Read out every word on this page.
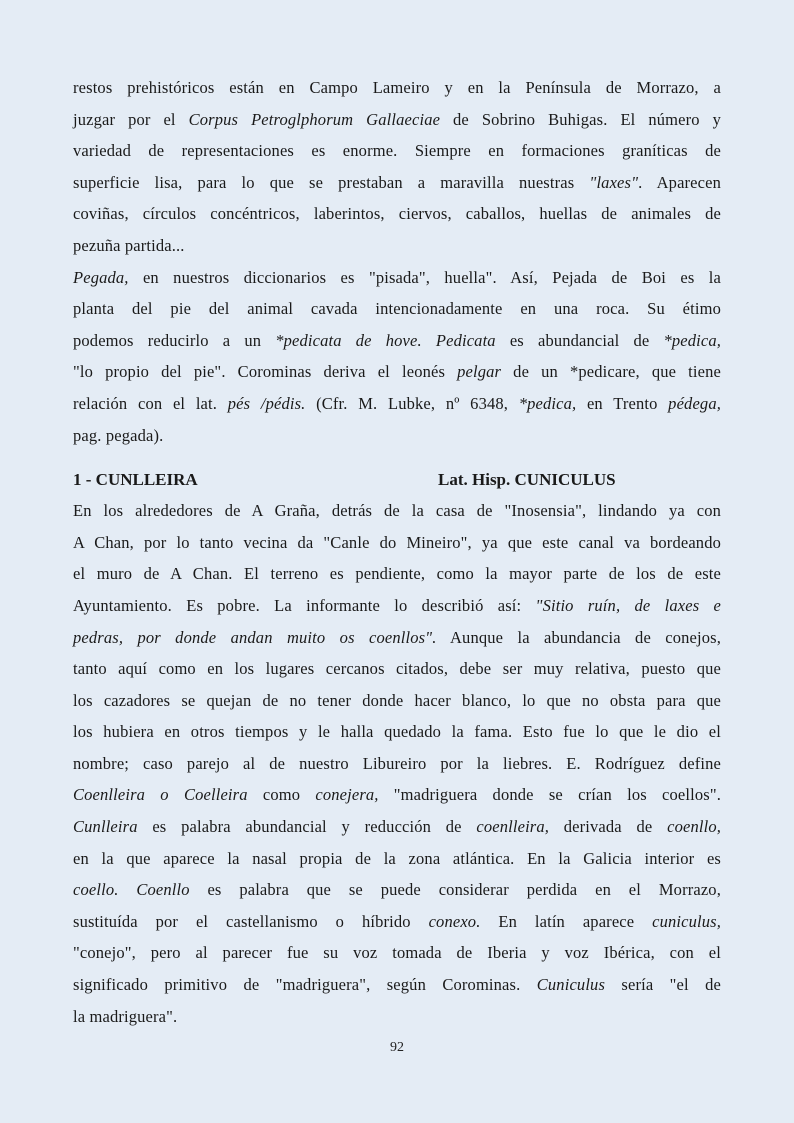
restos prehistóricos están en Campo Lameiro y en la Península de Morrazo, a
juzgar por el Corpus Petroglphorum Gallaeciae de Sobrino Buhigas. El número y
variedad de representaciones es enorme. Siempre en formaciones graníticas de
superficie lisa, para lo que se prestaban a maravilla nuestras "laxes". Aparecen
coviñas, círculos concéntricos, laberintos, ciervos, caballos, huellas de animales de
pezuña partida...
Pegada, en nuestros diccionarios es "pisada", huella". Así, Pejada de Boi es la
planta del pie del animal cavada intencionadamente en una roca. Su étimo
podemos reducirlo a un *pedicata de hove. Pedicata es abundancial de *pedica,
"lo propio del pie". Corominas deriva el leonés pelgar de un *pedicare, que tiene
relación con el lat. pés /pédis. (Cfr. M. Lubke, nº 6348, *pedica, en Trento pédega,
pag. pegada).
1 - CUNLLEIRA	Lat. Hisp. CUNICULUS
En los alrededores de A Graña, detrás de la casa de "Inosensia", lindando ya con
A Chan, por lo tanto vecina da "Canle do Mineiro", ya que este canal va bordeando
el muro de A Chan. El terreno es pendiente, como la mayor parte de los de este
Ayuntamiento. Es pobre. La informante lo describió así: "Sitio ruín, de laxes e
pedras, por donde andan muito os coenllos". Aunque la abundancia de conejos,
tanto aquí como en los lugares cercanos citados, debe ser muy relativa, puesto que
los cazadores se quejan de no tener donde hacer blanco, lo que no obsta para que
los hubiera en otros tiempos y le halla quedado la fama. Esto fue lo que le dio el
nombre; caso parejo al de nuestro Libureiro por la liebres. E. Rodríguez define
Coenlleira o Coelleira como conejera, "madriguera donde se crían los coellos".
Cunlleira es palabra abundancial y reducción de coenlleira, derivada de coenllo,
en la que aparece la nasal propia de la zona atlántica. En la Galicia interior es
coello. Coenllo es palabra que se puede considerar perdida en el Morrazo,
sustituída por el castellanismo o híbrido conexo. En latín aparece cuniculus,
"conejo", pero al parecer fue su voz tomada de Iberia y voz Ibérica, con el
significado primitivo de "madriguera", según Corominas. Cuniculus sería "el de
la madriguera".
92
